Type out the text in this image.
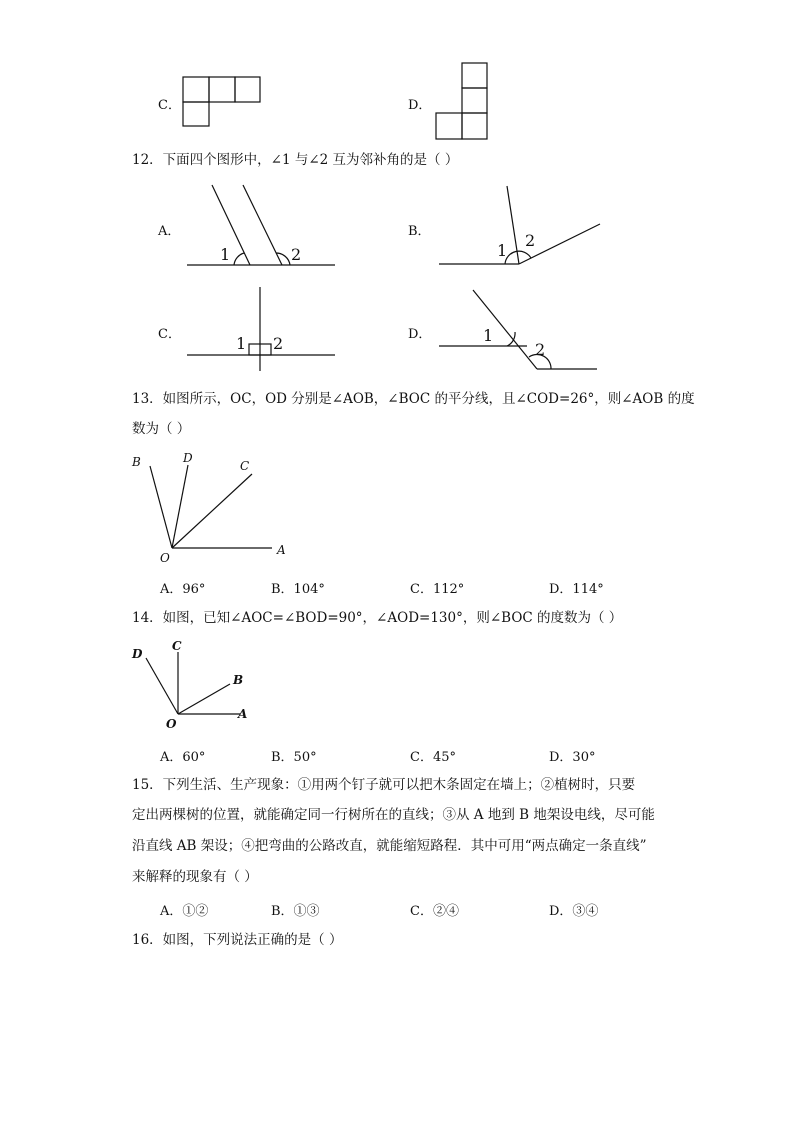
C．	D．
12．下面四个图形中，∠1 与∠2 互为邻补角的是（ ）
A．
1	2
B．
1
2
C．	1 2	D．	1
2
13．如图所示，OC，OD 分别是∠AOB，∠BOC 的平分线，且∠COD=26°，则∠AOB 的度
数为（ ）
B	D
C
O
A
A．96°	B．104°	C．112°	D．114°
14．如图，已知∠AOC=∠BOD=90°，∠AOD=130°，则∠BOC 的度数为（ ）
D
C
B
O
A
A．60°	B．50°	C．45°	D．30°
15．下列生活、生产现象：①用两个钉子就可以把木条固定在墙上；②植树时，只要
定出两棵树的位置，就能确定同一行树所在的直线；③从 A 地到 B 地架设电线，尽可能
沿直线 AB 架设；④把弯曲的公路改直，就能缩短路程．其中可用“两点确定一条直线”
来解释的现象有（ ）
A．①②	B．①③	C．②④	D．③④
16．如图，下列说法正确的是（ ）
